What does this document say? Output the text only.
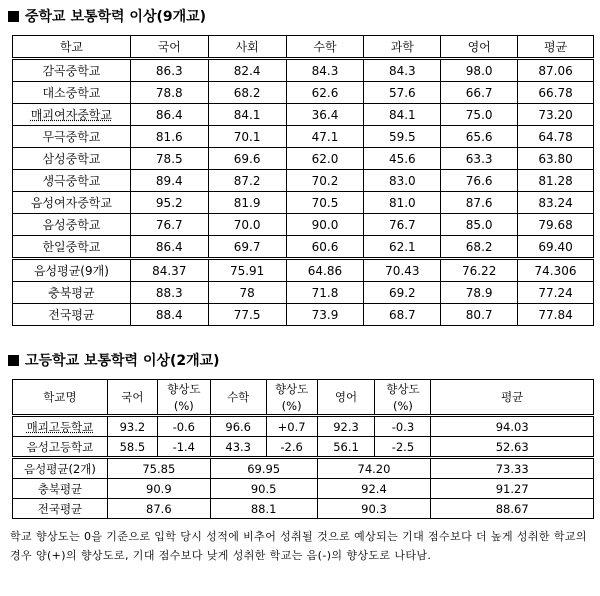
중학교 보통학력 이상(9개교)
학교	국어	사회	수학	과학	영어	평균
감곡중학교	86.3	82.4	84.3	84.3	98.0	87.06
대소중학교	78.8	68.2	62.6	57.6	66.7	66.78
매괴여자중학교	86.4	84.1	36.4	84.1	75.0	73.20
무극중학교	81.6	70.1	47.1	59.5	65.6	64.78
삼성중학교	78.5	69.6	62.0	45.6	63.3	63.80
생극중학교	89.4	87.2	70.2	83.0	76.6	81.28
음성여자중학교	95.2	81.9	70.5	81.0	87.6	83.24
음성중학교	76.7	70.0	90.0	76.7	85.0	79.68
한일중학교	86.4	69.7	60.6	62.1	68.2	69.40
음성평균(9개)	84.37	75.91	64.86	70.43	76.22	74.306
충북평균	88.3	78	71.8	69.2	78.9	77.24
전국평균	88.4	77.5	73.9	68.7	80.7	77.84
고등학교 보통학력 이상(2개교)
학교명	국어	향상도	수학	향상도	영어	향상도	평균
		(%)		(%)		(%)	
매괴고등학교	93.2	-0.6	96.6	+0.7	92.3	-0.3	94.03
음성고등학교	58.5	-1.4	43.3	-2.6	56.1	-2.5	52.63
음성평균(2개)	75.85		69.95		74.20		73.33
충북평균	90.9		90.5		92.4		91.27
전국평균	87.6		88.1		90.3		88.67
학교 향상도는 0을 기준으로 입학 당시 성적에 비추어 성취될 것으로 예상되는 기대 점수보다 더 높게 성취한 학교의 경우 양(+)의 향상도로, 기대 점수보다 낮게 성취한 학교는 음(-)의 향상도로 나타남.
